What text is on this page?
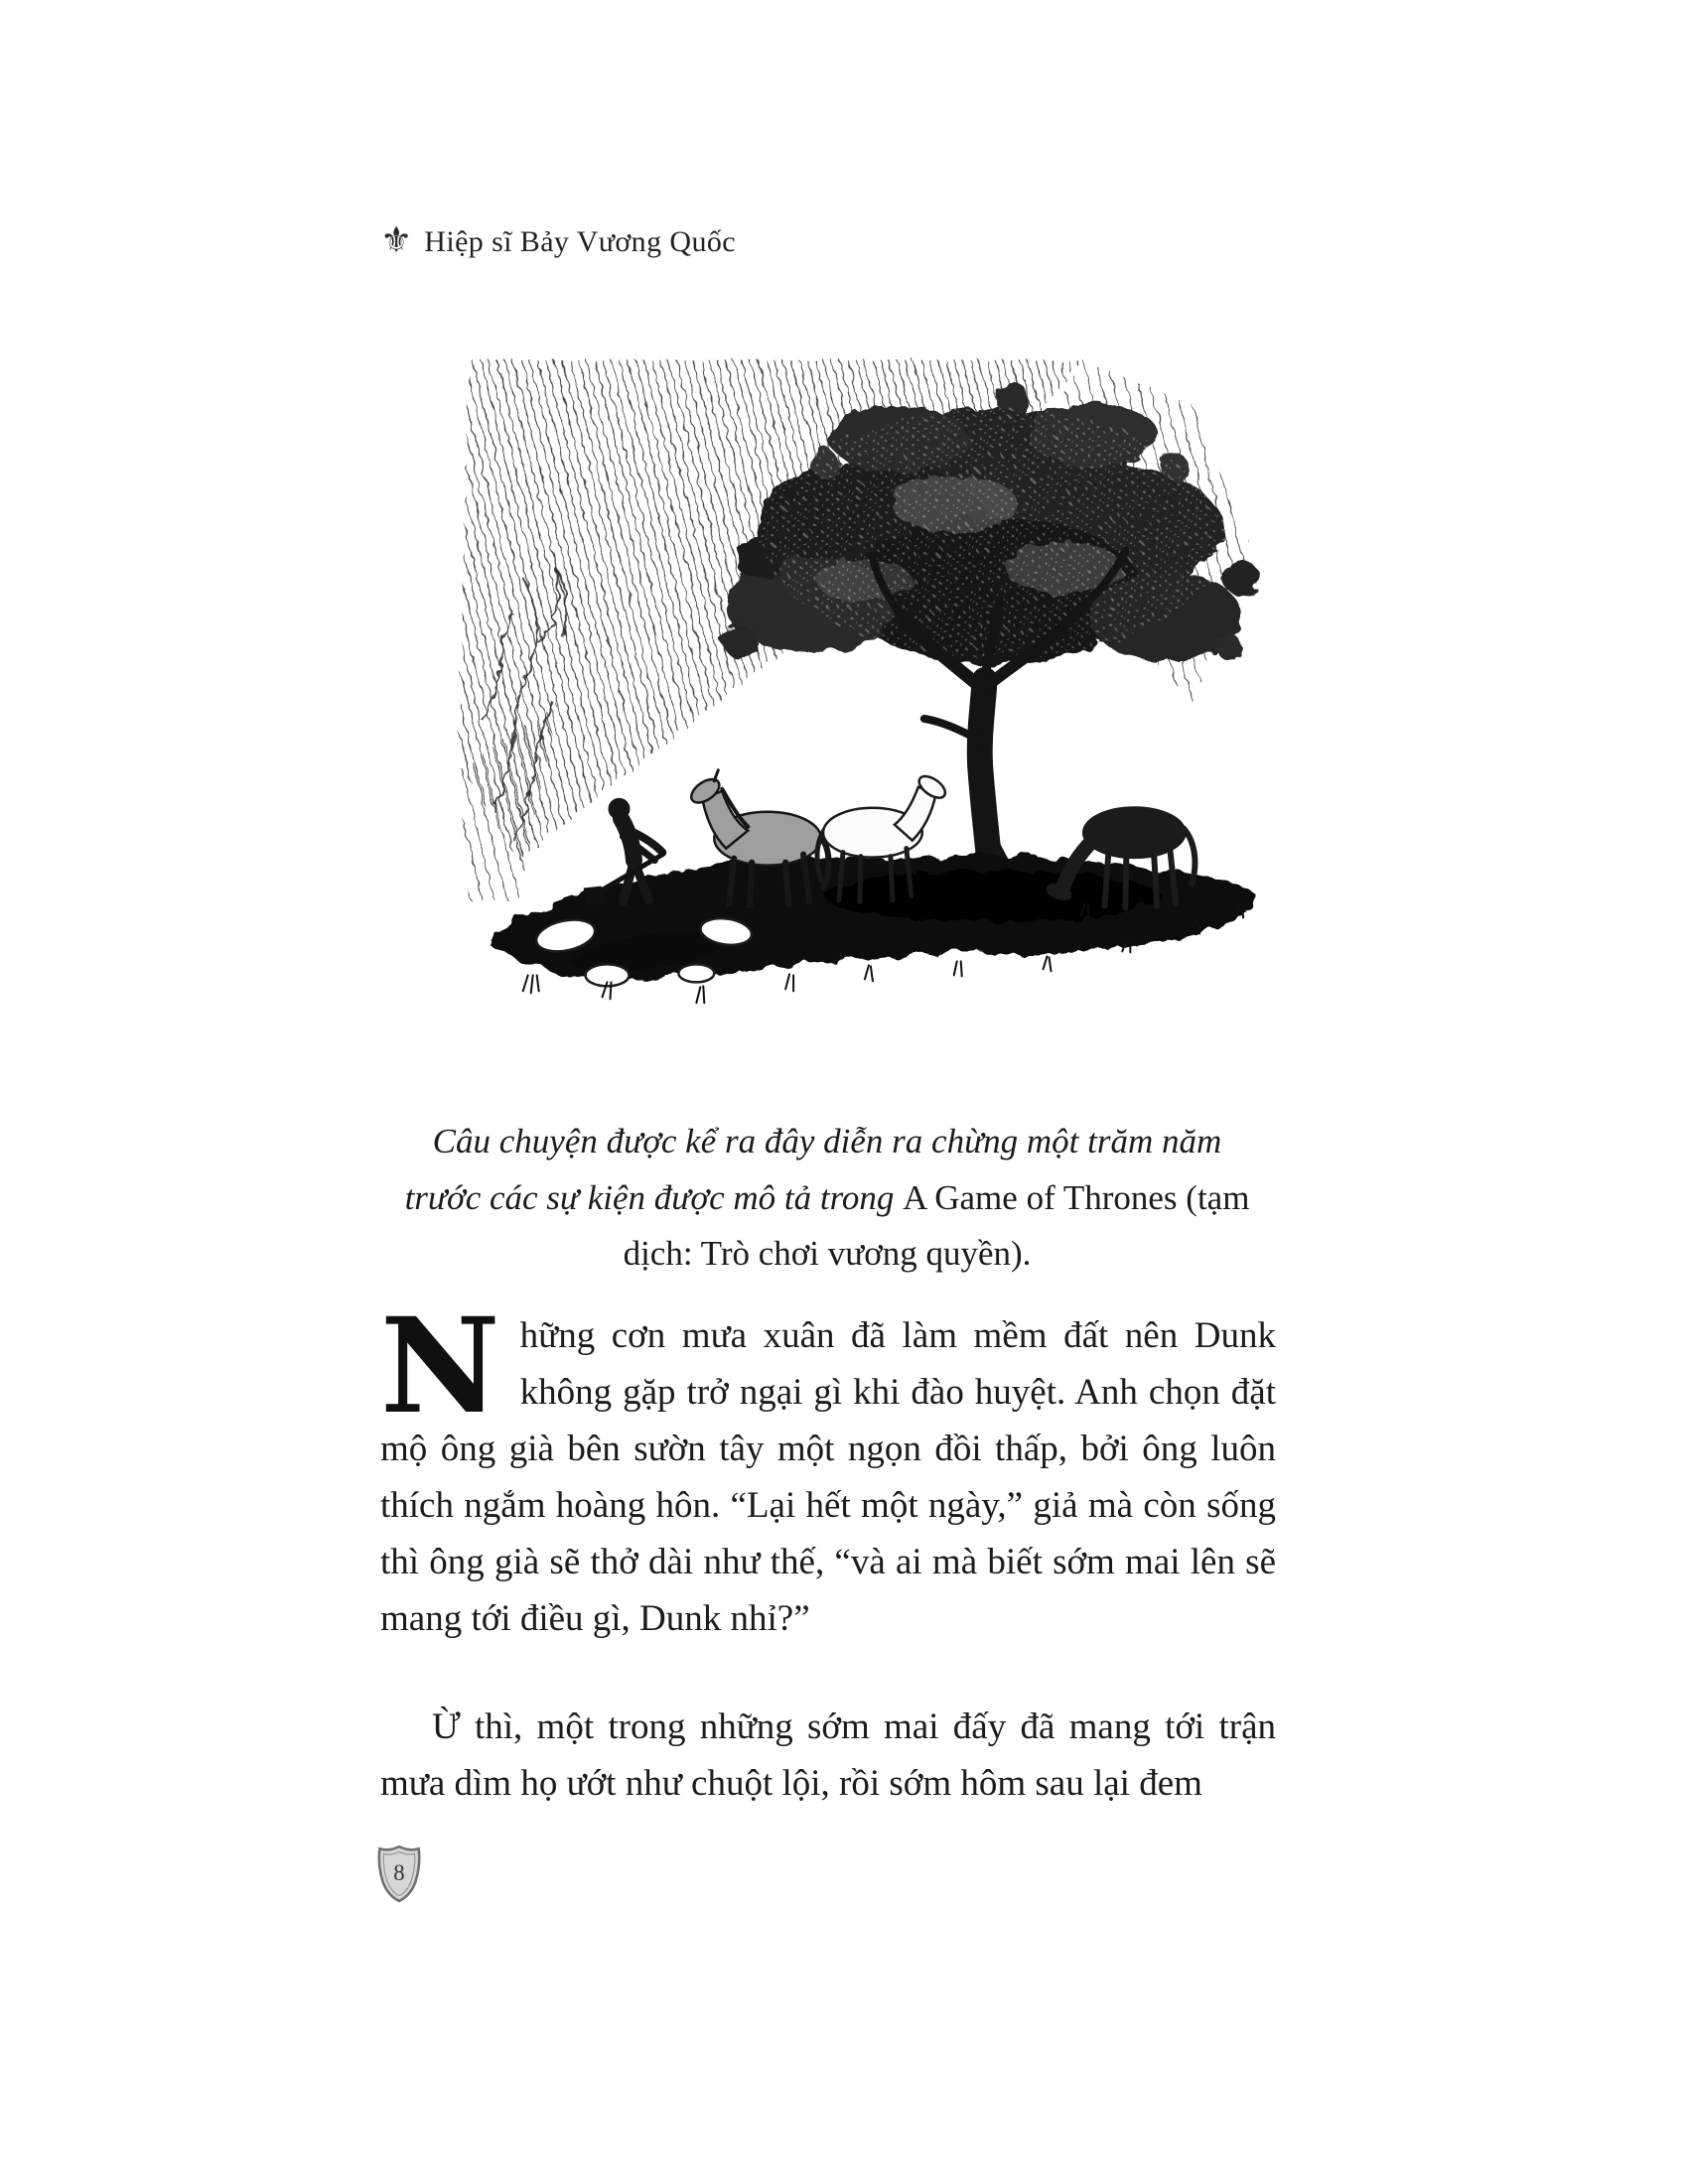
⚜ Hiệp sĩ Bảy Vương Quốc
Câu chuyện được kể ra đây diễn ra chừng một trăm năm
trước các sự kiện được mô tả trong A Game of Thrones (tạm
dịch: Trò chơi vương quyền).
Những cơn mưa xuân đã làm mềm đất nên Dunk không gặp trở ngại gì khi đào huyệt. Anh chọn đặt mộ ông già bên sườn tây một ngọn đồi thấp, bởi ông luôn thích ngắm hoàng hôn. “Lại hết một ngày,” giả mà còn sống thì ông già sẽ thở dài như thế, “và ai mà biết sớm mai lên sẽ mang tới điều gì, Dunk nhỉ?”
Ừ thì, một trong những sớm mai đấy đã mang tới trận mưa dìm họ ướt như chuột lội, rồi sớm hôm sau lại đem
8
